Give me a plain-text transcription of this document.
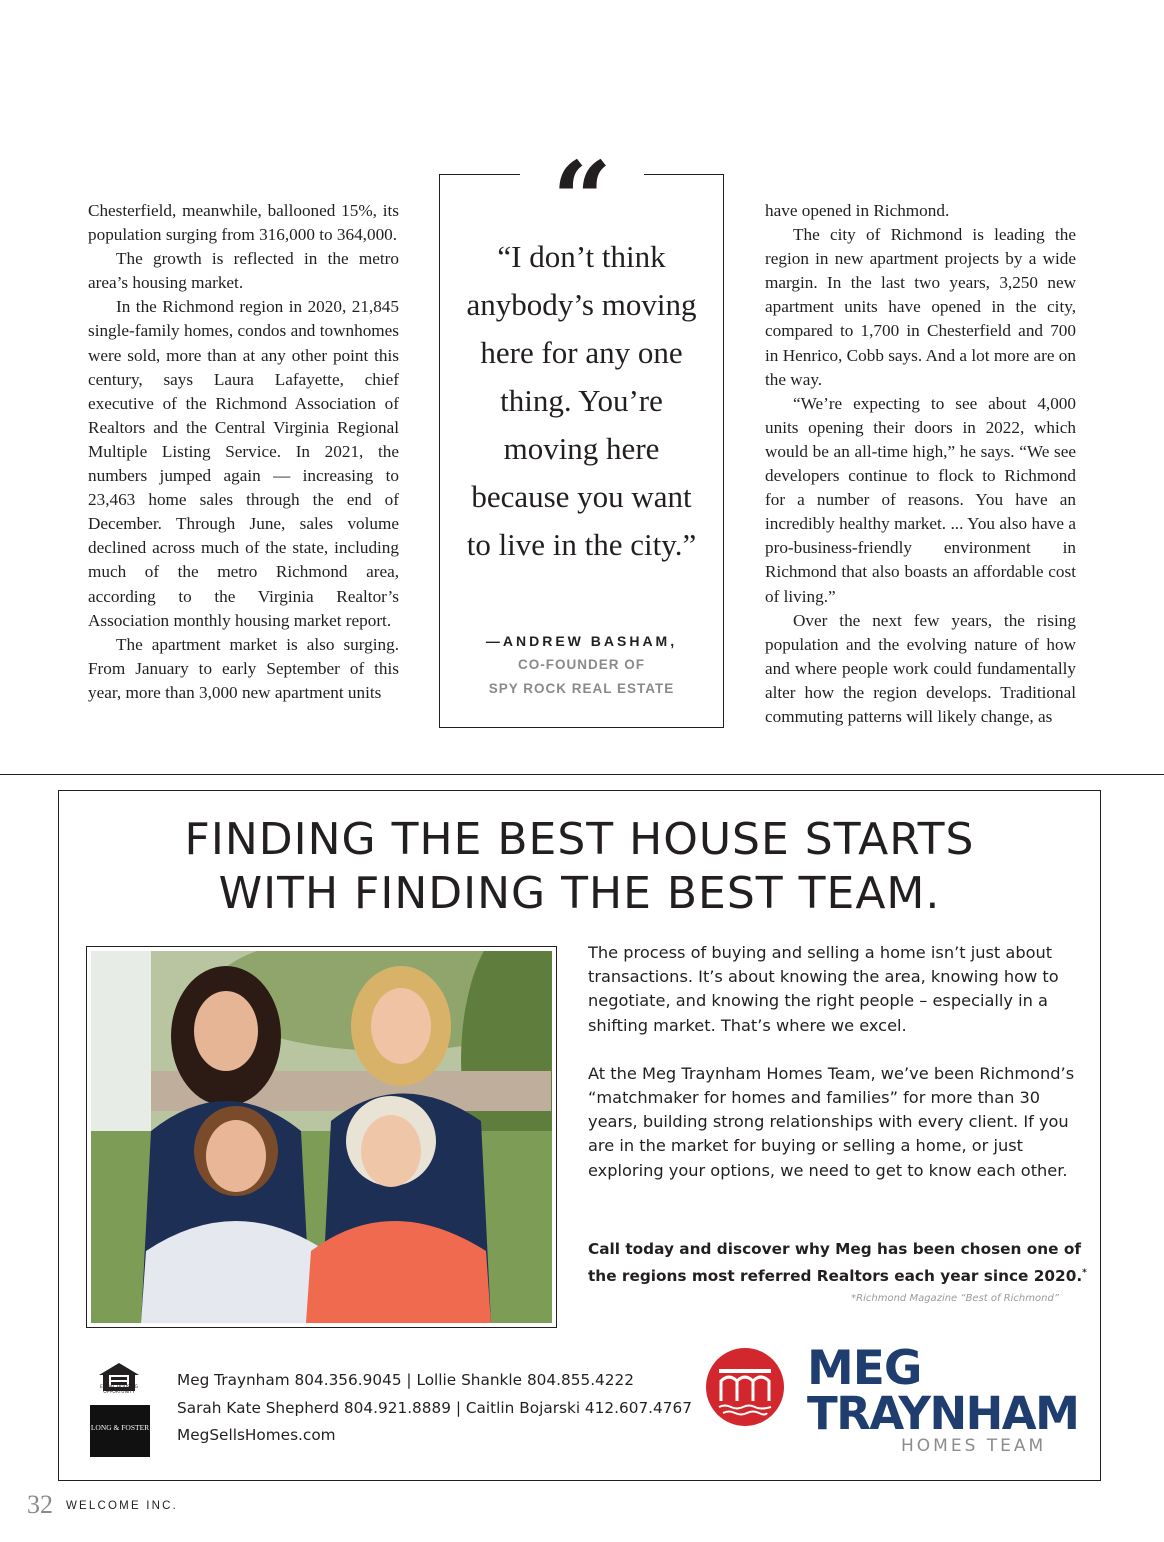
Chesterfield, meanwhile, ballooned 15%, its population surging from 316,000 to 364,000.

The growth is reflected in the metro area’s housing market.

In the Richmond region in 2020, 21,845 single-family homes, condos and townhomes were sold, more than at any other point this century, says Laura Lafayette, chief executive of the Richmond Association of Realtors and the Central Virginia Regional Multiple Listing Service. In 2021, the numbers jumped again — increasing to 23,463 home sales through the end of December. Through June, sales volume declined across much of the state, including much of the metro Richmond area, according to the Virginia Realtor’s Association monthly housing market report.

The apartment market is also surging. From January to early September of this year, more than 3,000 new apartment units

“I don’t think anybody’s moving here for any one thing. You’re moving here because you want to live in the city.”
—ANDREW BASHAM,
CO-FOUNDER OF
SPY ROCK REAL ESTATE
“	have opened in Richmond.

The city of Richmond is leading the region in new apartment projects by a wide margin. In the last two years, 3,250 new apartment units have opened in the city, compared to 1,700 in Chesterfield and 700 in Henrico, Cobb says. And a lot more are on the way.

“We’re expecting to see about 4,000 units opening their doors in 2022, which would be an all-time high,” he says. “We see developers continue to flock to Richmond for a number of reasons. You have an incredibly healthy market. ... You also have a pro-business-friendly environment in Richmond that also boasts an affordable cost of living.”

Over the next few years, the rising population and the evolving nature of how and where people work could fundamentally alter how the region develops. Traditional commuting patterns will likely change, as

FINDING THE BEST HOUSE STARTS
WITH FINDING THE BEST TEAM.

The process of buying and selling a home isn’t just about transactions. It’s about knowing the area, knowing how to negotiate, and knowing the right people – especially in a shifting market. That’s where we excel.

At the Meg Traynham Homes Team, we’ve been Richmond’s “matchmaker for homes and families” for more than 30 years, building strong relationships with every client. If you are in the market for buying or selling a home, or just exploring your options, we need to get to know each other.

Call today and discover why Meg has been chosen one of the regions most referred Realtors each year since 2020.*
*Richmond Magazine “Best of Richmond”
EQUAL HOUSING OPPORTUNITY
LONG & FOSTER
Meg Traynham 804.356.9045 | Lollie Shankle 804.855.4222
Sarah Kate Shepherd 804.921.8889 | Caitlin Bojarski 412.607.4767
MegSellsHomes.com
MEG
TRAYNHAM
HOMES TEAM
32 WELCOME INC.
